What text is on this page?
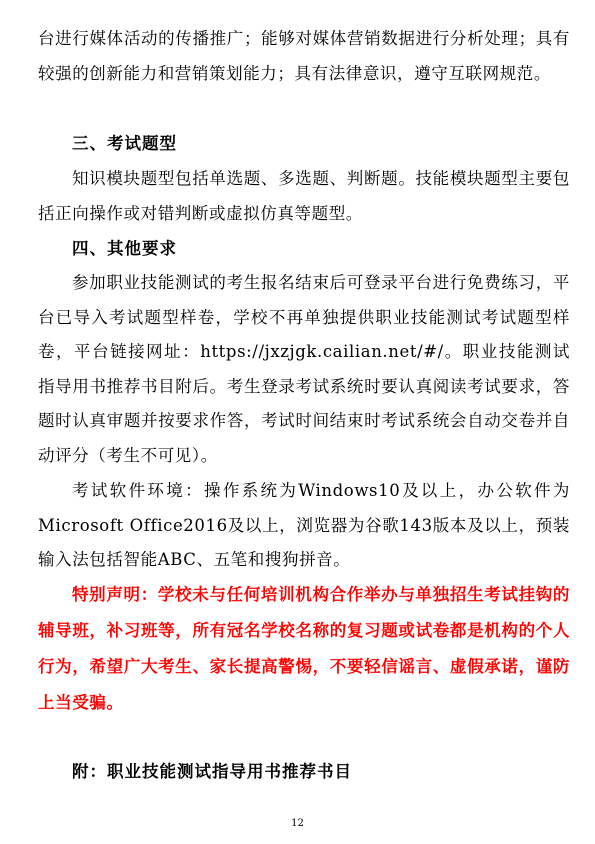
台进行媒体活动的传播推广；能够对媒体营销数据进行分析处理；具有较强的创新能力和营销策划能力；具有法律意识，遵守互联网规范。

三、考试题型

知识模块题型包括单选题、多选题、判断题。技能模块题型主要包括正向操作或对错判断或虚拟仿真等题型。

四、其他要求

参加职业技能测试的考生报名结束后可登录平台进行免费练习，平台已导入考试题型样卷，学校不再单独提供职业技能测试考试题型样卷，平台链接网址：https://jxzjgk.cailian.net/#/。职业技能测试指导用书推荐书目附后。考生登录考试系统时要认真阅读考试要求，答题时认真审题并按要求作答，考试时间结束时考试系统会自动交卷并自动评分（考生不可见）。

考试软件环境：操作系统为Windows10及以上，办公软件为Microsoft Office2016及以上，浏览器为谷歌143版本及以上，预装输入法包括智能ABC、五笔和搜狗拼音。

特别声明：学校未与任何培训机构合作举办与单独招生考试挂钩的辅导班，补习班等，所有冠名学校名称的复习题或试卷都是机构的个人行为，希望广大考生、家长提高警惕，不要轻信谣言、虚假承诺，谨防上当受骗。

附：职业技能测试指导用书推荐书目

12
